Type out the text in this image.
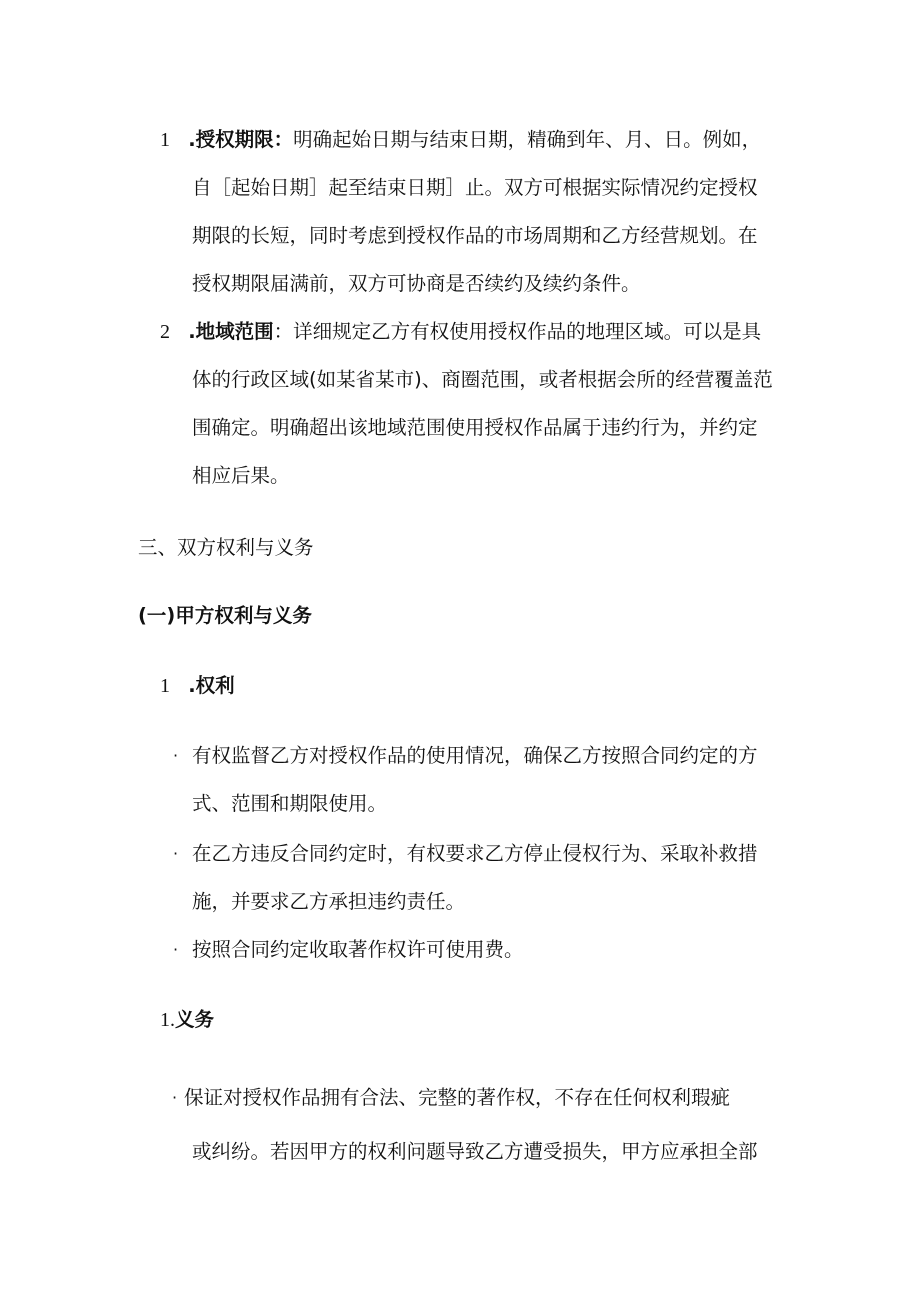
1 .授权期限：明确起始日期与结束日期，精确到年、月、日。例如，
自［起始日期］起至结束日期］止。双方可根据实际情况约定授权
期限的长短，同时考虑到授权作品的市场周期和乙方经营规划。在
授权期限届满前，双方可协商是否续约及续约条件。
2 .地域范围：详细规定乙方有权使用授权作品的地理区域。可以是具
体的行政区域(如某省某市)、商圈范围，或者根据会所的经营覆盖范
围确定。明确超出该地域范围使用授权作品属于违约行为，并约定
相应后果。
三、双方权利与义务
(一)甲方权利与义务
1 .权利
· 有权监督乙方对授权作品的使用情况，确保乙方按照合同约定的方
式、范围和期限使用。
· 在乙方违反合同约定时，有权要求乙方停止侵权行为、采取补救措
施，并要求乙方承担违约责任。
· 按照合同约定收取著作权许可使用费。
1.义务
· 保证对授权作品拥有合法、完整的著作权，不存在任何权利瑕疵
或纠纷。若因甲方的权利问题导致乙方遭受损失，甲方应承担全部
